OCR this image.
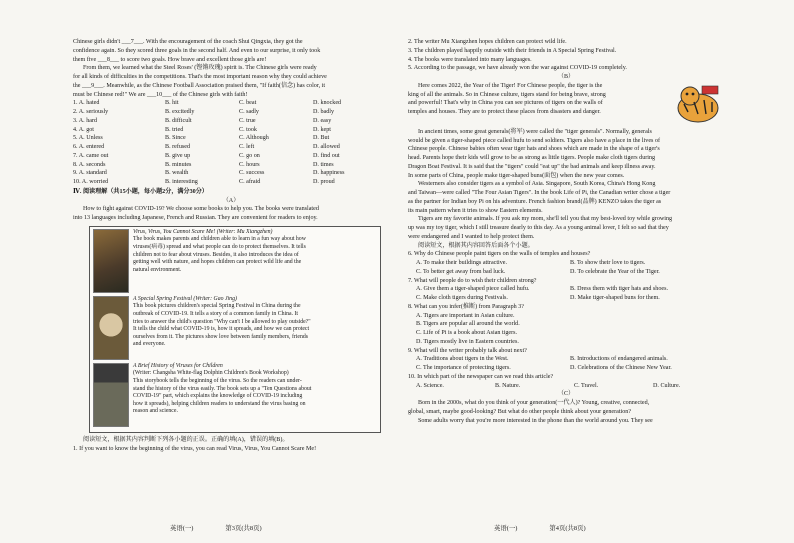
Chinese girls didn't ___7___. With the encouragement of the coach Shui Qingxia, they got the

confidence again. So they scored three goals in the second half. And even to our surprise, it only took

them five ___8___ to score two goals. How brave and excellent those girls are!

From them, we learned what the Steel Roses' (铿锵玫瑰) spirit is. The Chinese girls were ready

for all kinds of difficulties in the competitions. That's the most important reason why they could achieve

the ___9___. Meanwhile, as the Chinese Football Association praised them, "If faith(信念) has color, it

must be Chinese red!" We are ___10___ of the Chinese girls with faith!

1. A. hated	B. hit	C. beat	D. knocked
2. A. seriously	B. excitedly	C. sadly	D. badly
3. A. hard	B. difficult	C. true	D. easy
4. A. got	B. tried	C. took	D. kept
5. A. Unless	B. Since	C. Although	D. But
6. A. entered	B. refused	C. left	D. allowed
7. A. came out	B. give up	C. go on	D. find out
8. A. seconds	B. minutes	C. hours	D. times
9. A. standard	B. wealth	C. success	D. happiness
10. A. worried	B. interesting	C. afraid	D. proud

Ⅳ. 阅读理解（共15小题，每小题2分，满分30分）

（A）

How to fight against COVID-19? We choose some books to help you. The books were translated

into 13 languages including Japanese, French and Russian. They are convenient for readers to enjoy.

Virus, Virus, You Cannot Scare Me! (Writer: Mu Xiangzhen)

The book makes parents and children able to learn in a fun way about how

viruses(病毒) spread and what people can do to protect themselves. It tells

children not to fear about viruses. Besides, it also introduces the idea of

getting well with nature, and hopes children can protect wild life and the

natural environment.

A Special Spring Festival (Writer: Gao Jing)

This book pictures children's special Spring Festival in China during the

outbreak of COVID-19. It tells a story of a common family in China. It

tries to answer the child's question "Why can't I be allowed to play outside?"

It tells the child what COVID-19 is, how it spreads, and how we can protect

ourselves from it. The pictures show love between family members, friends

and everyone.

A Brief History of Viruses for Children

(Writer: Changsha White-flag Dolphin Children's Book Workshop)

This storybook tells the beginning of the virus. So the readers can under-

stand the history of the virus easily. The book sets up a "Ten Questions about

COVID-19" part, which explains the knowledge of COVID-19 including

how it spreads), helping children readers to understand the virus basing on

reason and science.

阅读短文，根据其内容判断下列各小题的正误。正确的填(A)，错误的填(B)。

1. If you want to know the beginning of the virus, you can read Virus, Virus, You Cannot Scare Me!

英语(一)　　　　　第3页(共8页)

2. The writer Mu Xiangzhen hopes children can protect wild life.

3. The children played happily outside with their friends in A Special Spring Festival.

4. The books were translated into many languages.

5. According to the passage, we have already won the war against COVID-19 completely.

（B）

Here comes 2022, the Year of the Tiger! For Chinese people, the tiger is the

king of all the animals. So in Chinese culture, tigers stand for being brave, strong

and powerful! That's why in China you can see pictures of tigers on the walls of

temples and houses. They are to protect these places from disasters and danger.

In ancient times, some great generals(将军) were called the "tiger generals". Normally, generals

would be given a tiger-shaped piece called hufu to send soldiers. Tigers also have a place in the lives of

Chinese people. Chinese babies often wear tiger hats and shoes which are made in the shape of a tiger's

head. Parents hope their kids will grow to be as strong as little tigers. People make cloth tigers during

Dragon Boat Festival. It is said that the "tigers" could "eat up" the bad animals and keep illness away.

In some parts of China, people make tiger-shaped buns(面包) when the new year comes.

Westerners also consider tigers as a symbol of Asia. Singapore, South Korea, China's Hong Kong

and Taiwan—were called "The Four Asian Tigers". In the book Life of Pi, the Canadian writer chose a tiger

as the partner for Indian boy Pi on his adventure. French fashion brand(品牌) KENZO takes the tiger as

its main pattern when it tries to show Eastern elements.

Tigers are my favorite animals. If you ask my mom, she'll tell you that my best-loved toy while growing

up was my toy tiger, which I still treasure dearly to this day. As a young animal lover, I felt so sad that they

were endangered and I wanted to help protect them.

阅读短文，根据其内容回答后面各个小题。

6. Why do Chinese people paint tigers on the walls of temples and houses?

A. To make their buildings attractive.	B. To show their love to tigers.
C. To better get away from bad luck.	D. To celebrate the Year of the Tiger.

7. What will people do to wish their children strong?

A. Give them a tiger-shaped piece called hufu.	B. Dress them with tiger hats and shoes.
C. Make cloth tigers during Festivals.	D. Make tiger-shaped buns for them.

8. What can you infer(推断) from Paragraph 3?

A. Tigers are important in Asian culture.

B. Tigers are popular all around the world.

C. Life of Pi is a book about Asian tigers.

D. Tigers mostly live in Eastern countries.

9. What will the writer probably talk about next?

A. Traditions about tigers in the West.	B. Introductions of endangered animals.
C. The importance of protecting tigers.	D. Celebrations of the Chinese New Year.

10. In which part of the newspaper can we read this article?

A. Science.	B. Nature.	C. Travel.	D. Culture.

（C）

Born in the 2000s, what do you think of your generation(一代人)? Young, creative, connected,

global, smart, maybe good-looking? But what do other people think about your generation?

Some adults worry that you're more interested in the phone than the world around you. They see

英语(一)　　　　　第4页(共8页)
